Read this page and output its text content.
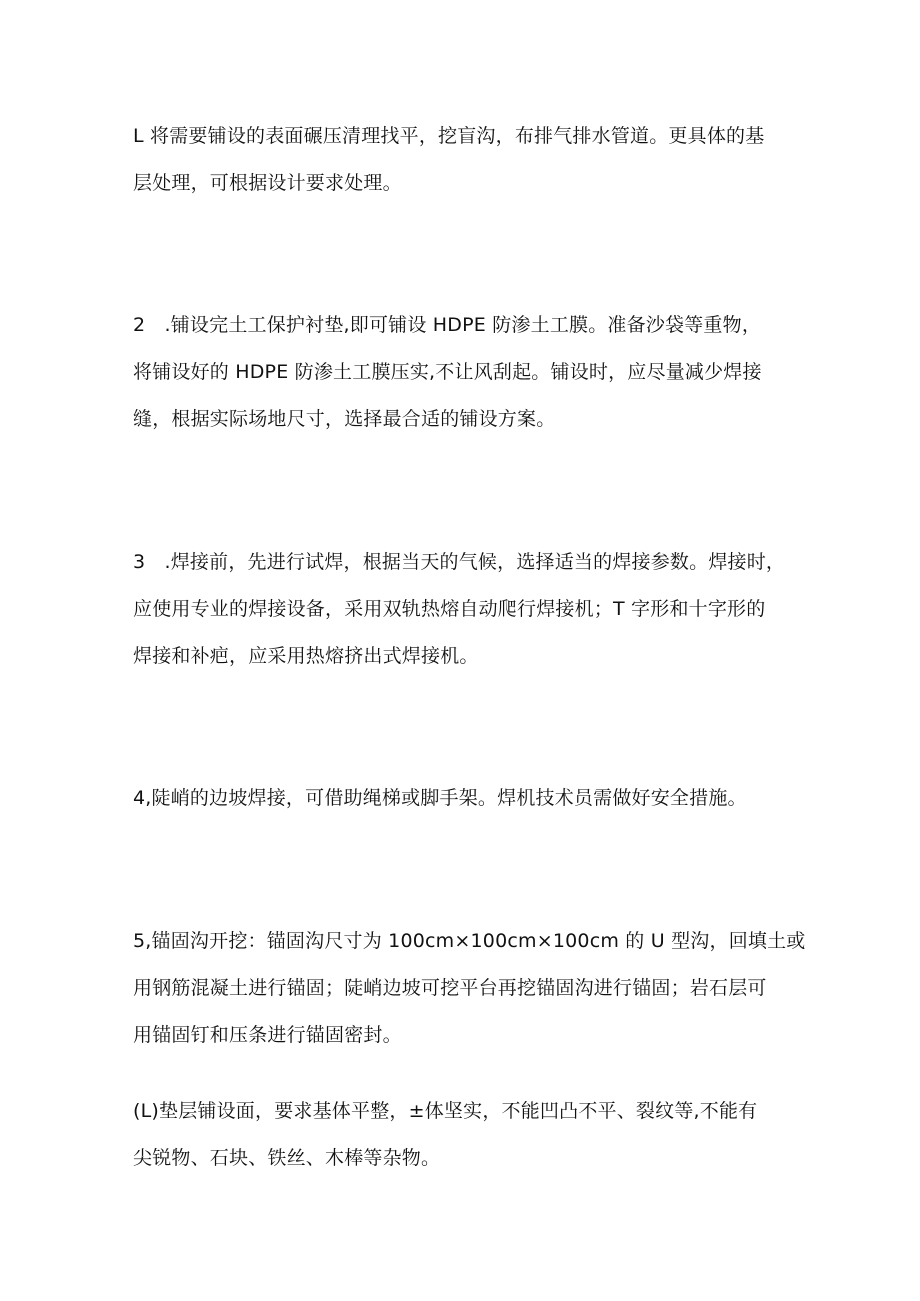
L 将需要铺设的表面碾压清理找平，挖盲沟，布排气排水管道。更具体的基
层处理，可根据设计要求处理。

2　.铺设完土工保护衬垫,即可铺设 HDPE 防渗土工膜。准备沙袋等重物，
将铺设好的 HDPE 防渗土工膜压实,不让风刮起。铺设时，应尽量减少焊接
缝，根据实际场地尺寸，选择最合适的铺设方案。

3　.焊接前，先进行试焊，根据当天的气候，选择适当的焊接参数。焊接时，
应使用专业的焊接设备，采用双轨热熔自动爬行焊接机；T 字形和十字形的
焊接和补疤，应采用热熔挤出式焊接机。

4,陡峭的边坡焊接，可借助绳梯或脚手架。焊机技术员需做好安全措施。

5,锚固沟开挖：锚固沟尺寸为 100cm×100cm×100cm 的 U 型沟，回填土或
用钢筋混凝土进行锚固；陡峭边坡可挖平台再挖锚固沟进行锚固；岩石层可
用锚固钉和压条进行锚固密封。

(L)垫层铺设面，要求基体平整，±体坚实，不能凹凸不平、裂纹等,不能有
尖锐物、石块、铁丝、木棒等杂物。
